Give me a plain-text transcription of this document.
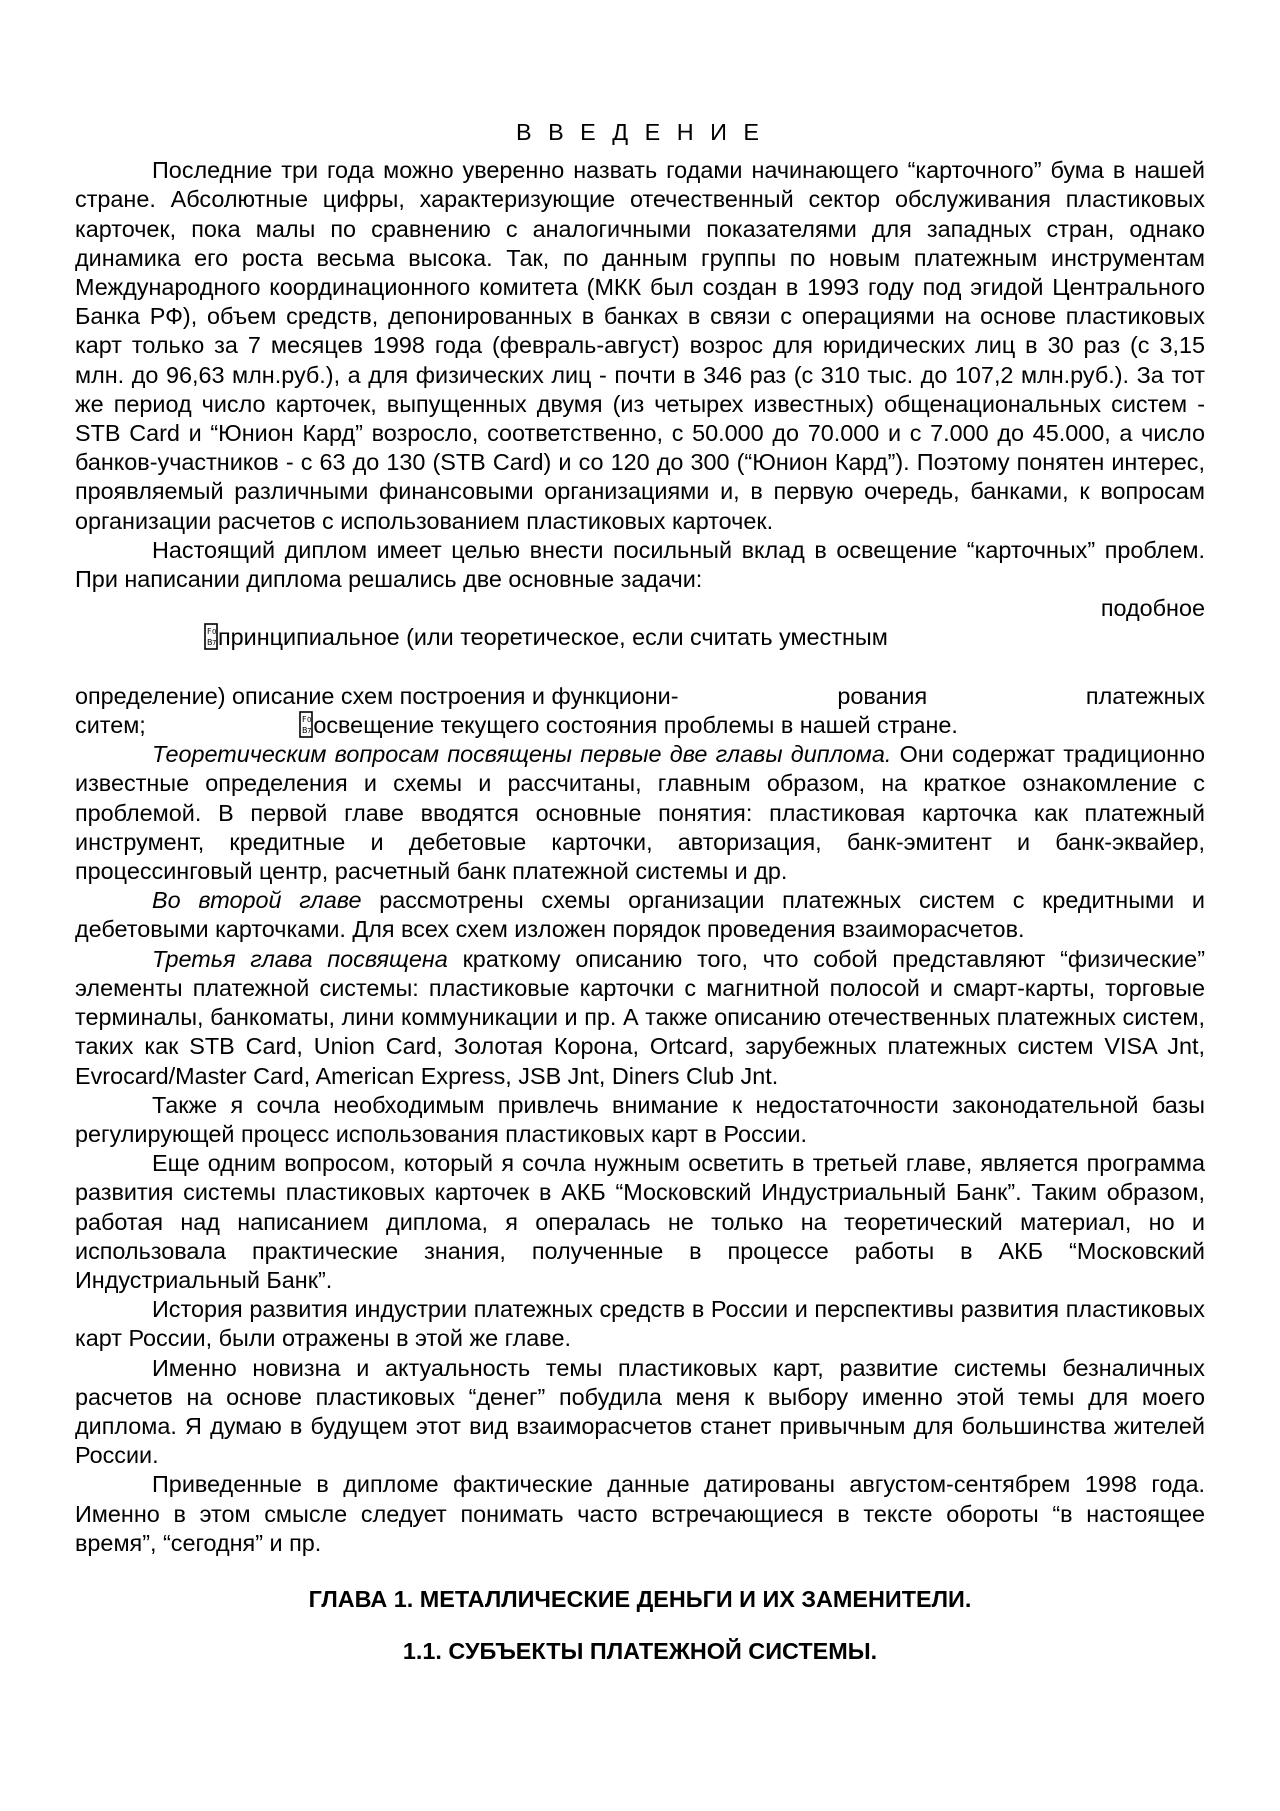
В В Е Д Е Н И Е

Последние три года можно уверенно назвать годами начинающего “карточного” бума в нашей стране. Абсолютные цифры, характеризующие отечественный сектор обслуживания пластиковых карточек, пока малы по сравнению с аналогичными показателями для западных стран, однако динамика его роста весьма высока. Так, по данным группы по новым платежным инструментам Международного координационного комитета (МКК был создан в 1993 году под эгидой Центрального Банка РФ), объем средств, депонированных в банках в связи с операциями на основе пластиковых карт только за 7 месяцев 1998 года (февраль-август) возрос для юридических лиц в 30 раз (с 3,15 млн. до 96,63 млн.руб.), а для физических лиц - почти в 346 раз (с 310 тыс. до 107,2 млн.руб.). За тот же период число карточек, выпущенных двумя (из четырех известных) общенациональных систем - STB Card и “Юнион Кард” возросло, соответственно, с 50.000 до 70.000 и с 7.000 до 45.000, а число банков-участников - с 63 до 130 (STB Card) и со 120 до 300 (“Юнион Кард”). Поэтому понятен интерес, проявляемый различными финансовыми организациями и, в первую очередь, банками, к вопросам организации расчетов с использованием пластиковых карточек.

Настоящий диплом имеет целью внести посильный вклад в освещение “карточных” проблем. При написании диплома решались две основные задачи:

F 0
B 7 принципиальное (или теоретическое, если считать уместным

подобное
определение) описание схем построения и функциони-	рования	платежных
ситем;	F 0
B 7 освещение текущего состояния проблемы в нашей стране.

Теоретическим вопросам посвящены первые две главы диплома. Они содержат традиционно известные определения и схемы и рассчитаны, главным образом, на краткое ознакомление с проблемой. В первой главе вводятся основные понятия: пластиковая карточка как платежный инструмент, кредитные и дебетовые карточки, авторизация, банк-эмитент и банк-эквайер, процессинговый центр, расчетный банк платежной системы и др.

Во второй главе рассмотрены схемы организации платежных систем с кредитными и дебетовыми карточками. Для всех схем изложен порядок проведения взаиморасчетов.

Третья глава посвящена краткому описанию того, что собой представляют “физические” элементы платежной системы: пластиковые карточки с магнитной полосой и смарт-карты, торговые терминалы, банкоматы, лини коммуникации и пр. А также описанию отечественных платежных систем, таких как STB Card, Union Card, Золотая Корона, Ortcard, зарубежных платежных систем VISA Jnt, Evrocard/Master Card, American Express, JSB Jnt, Diners Club Jnt.

Также я сочла необходимым привлечь внимание к недостаточности законодательной базы регулирующей процесс использования пластиковых карт в России.

Еще одним вопросом, который я сочла нужным осветить в третьей главе, является программа развития системы пластиковых карточек в АКБ “Московский Индустриальный Банк”. Таким образом, работая над написанием диплома, я опералась не только на теоретический материал, но и использовала практические знания, полученные в процессе работы в АКБ “Московский Индустриальный Банк”.

История развития индустрии платежных средств в России и перспективы развития пластиковых карт России, были отражены в этой же главе.

Именно новизна и актуальность темы пластиковых карт, развитие системы безналичных расчетов на основе пластиковых “денег” побудила меня к выбору именно этой темы для моего диплома. Я думаю в будущем этот вид взаиморасчетов станет привычным для большинства жителей России.

Приведенные в дипломе фактические данные датированы августом-сентябрем 1998 года. Именно в этом смысле следует понимать часто встречающиеся в тексте обороты “в настоящее время”, “сегодня” и пр.

ГЛАВА 1. МЕТАЛЛИЧЕСКИЕ ДЕНЬГИ И ИХ ЗАМЕНИТЕЛИ.

1.1. СУБЪЕКТЫ ПЛАТЕЖНОЙ СИСТЕМЫ.
